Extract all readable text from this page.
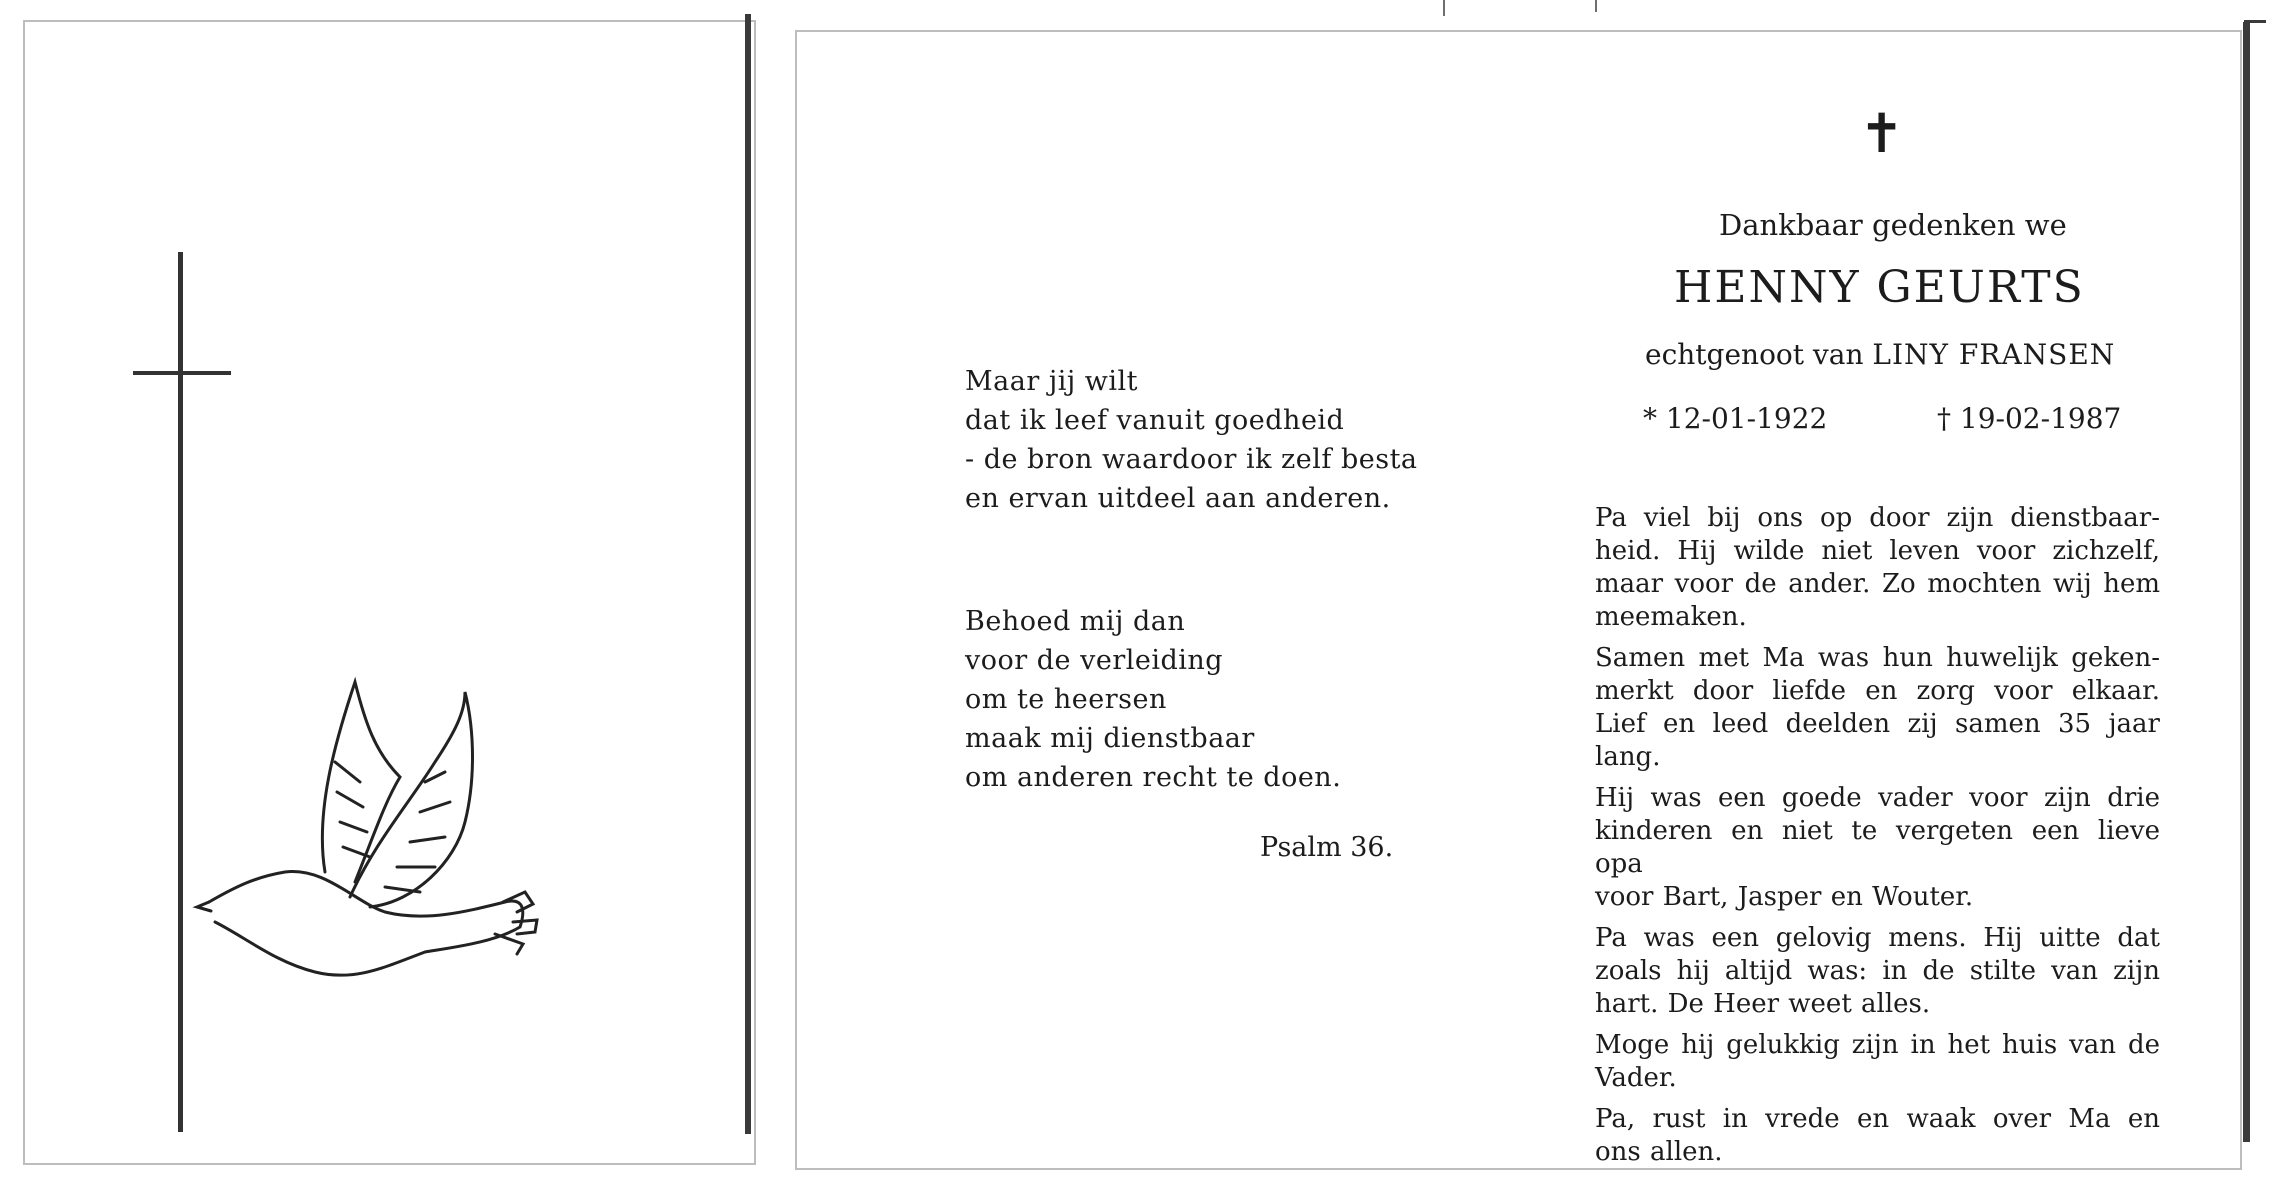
✝
Dankbaar gedenken we
HENNY GEURTS
echtgenoot van LINY FRANSEN
* 12-01-1922	† 19-02-1987
Maar jij wilt
dat ik leef vanuit goedheid
- de bron waardoor ik zelf besta
en ervan uitdeel aan anderen.
Behoed mij dan
voor de verleiding
om te heersen
maak mij dienstbaar
om anderen recht te doen.
Psalm 36.
Pa viel bij ons op door zijn dienstbaar-
heid. Hij wilde niet leven voor zichzelf,
maar voor de ander. Zo mochten wij hem
meemaken.
Samen met Ma was hun huwelijk geken-
merkt door liefde en zorg voor elkaar.
Lief en leed deelden zij samen 35 jaar
lang.
Hij was een goede vader voor zijn drie
kinderen en niet te vergeten een lieve opa
voor Bart, Jasper en Wouter.
Pa was een gelovig mens. Hij uitte dat
zoals hij altijd was: in de stilte van zijn
hart. De Heer weet alles.
Moge hij gelukkig zijn in het huis van de
Vader.
Pa, rust in vrede en waak over Ma en
ons allen.
